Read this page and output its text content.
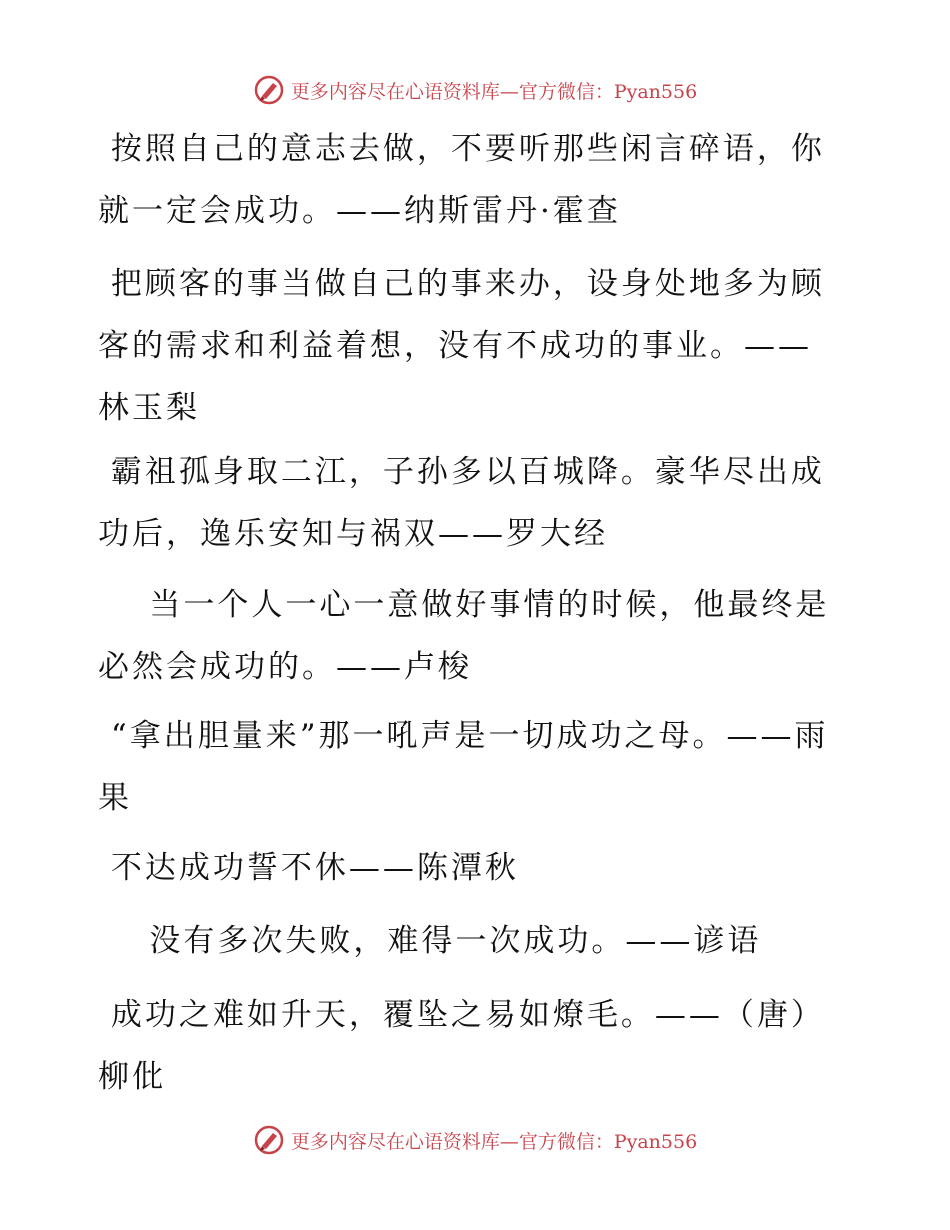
更多内容尽在心语资料库—官方微信：Pyan556

按照自己的意志去做，不要听那些闲言碎语，你就一定会成功。——纳斯雷丹·霍查

把顾客的事当做自己的事来办，设身处地多为顾客的需求和利益着想，没有不成功的事业。——林玉梨

霸祖孤身取二江，子孙多以百城降。豪华尽出成功后，逸乐安知与祸双——罗大经

当一个人一心一意做好事情的时候，他最终是必然会成功的。——卢梭

“拿出胆量来”那一吼声是一切成功之母。——雨果

不达成功誓不休——陈潭秋

没有多次失败，难得一次成功。——谚语

成功之难如升天，覆坠之易如燎毛。——（唐）柳仳

更多内容尽在心语资料库—官方微信：Pyan556
